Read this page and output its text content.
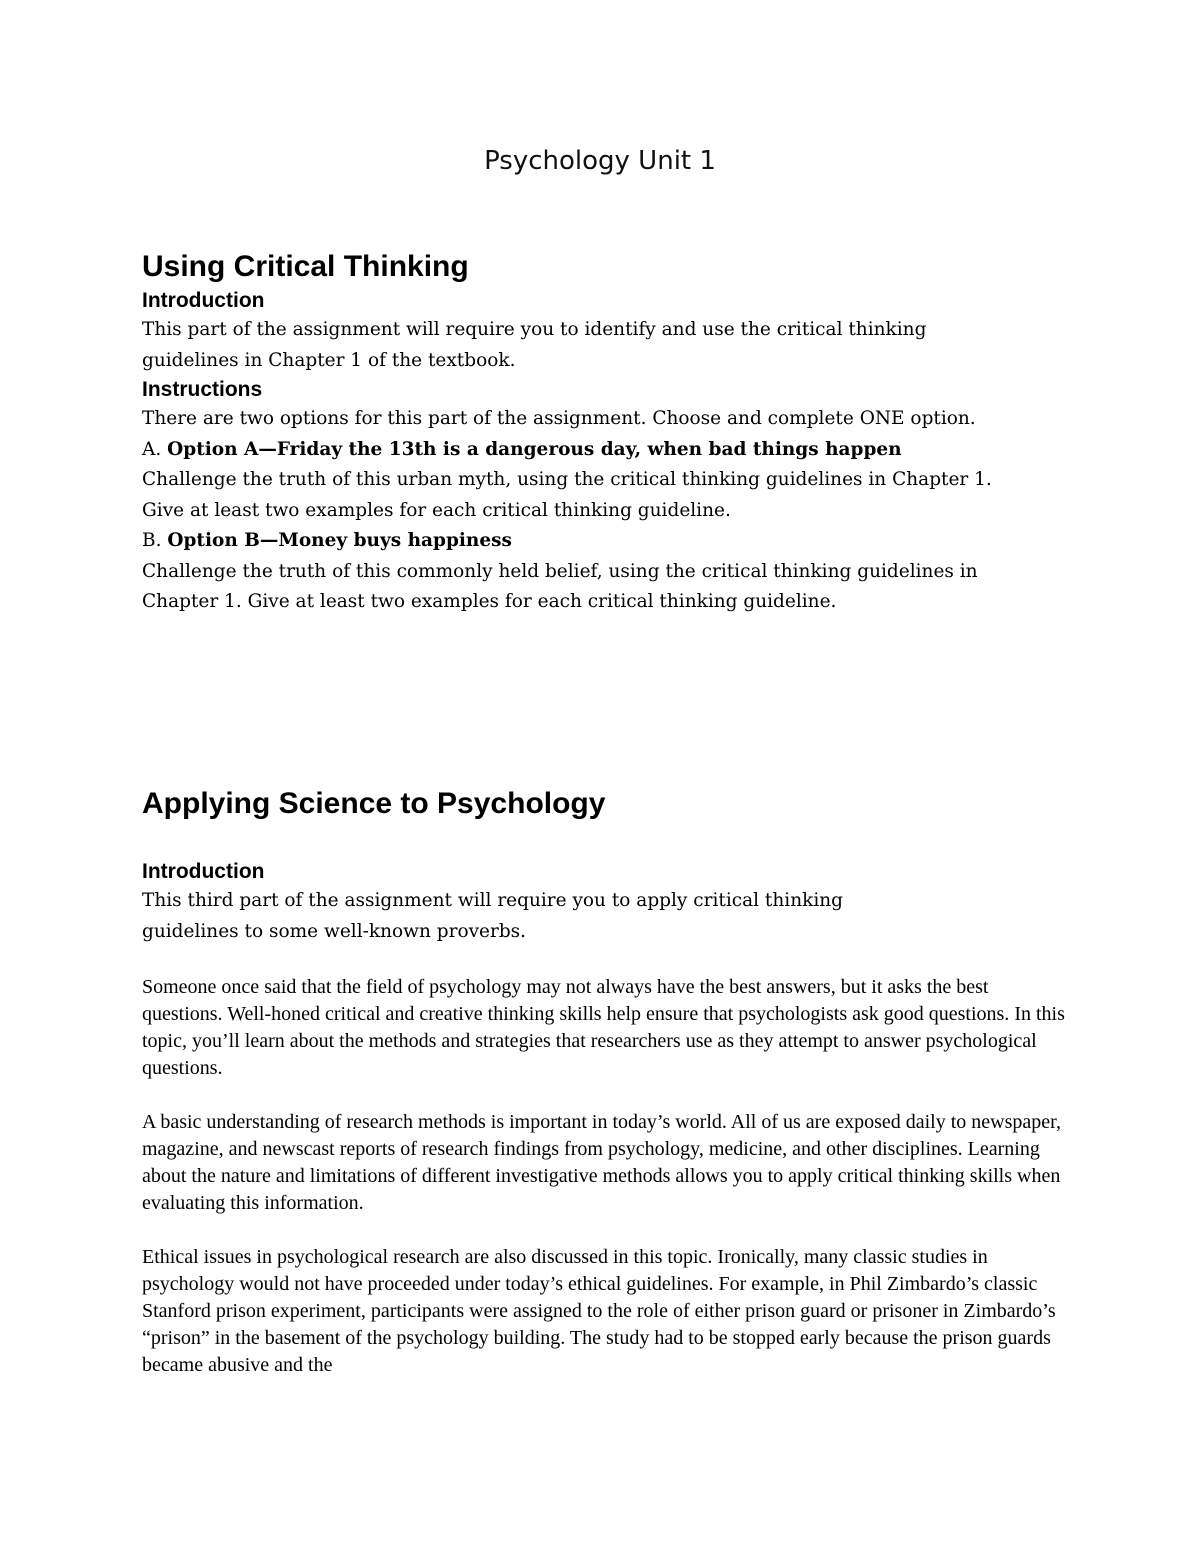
Psychology Unit 1
Using Critical Thinking
Introduction

This part of the assignment will require you to identify and use the critical thinking guidelines in Chapter 1 of the textbook.

Instructions

There are two options for this part of the assignment. Choose and complete ONE option.

A. Option A—Friday the 13th is a dangerous day, when bad things happen

Challenge the truth of this urban myth, using the critical thinking guidelines in Chapter 1. Give at least two examples for each critical thinking guideline.

B. Option B—Money buys happiness

Challenge the truth of this commonly held belief, using the critical thinking guidelines in Chapter 1. Give at least two examples for each critical thinking guideline.

Applying Science to Psychology
Introduction

This third part of the assignment will require you to apply critical thinking guidelines to some well-known proverbs.

Someone once said that the field of psychology may not always have the best answers, but it asks the best questions. Well-honed critical and creative thinking skills help ensure that psychologists ask good questions. In this topic, you’ll learn about the methods and strategies that researchers use as they attempt to answer psychological questions.

A basic understanding of research methods is important in today’s world. All of us are exposed daily to newspaper, magazine, and newscast reports of research findings from psychology, medicine, and other disciplines. Learning about the nature and limitations of different investigative methods allows you to apply critical thinking skills when evaluating this information.

Ethical issues in psychological research are also discussed in this topic. Ironically, many classic studies in psychology would not have proceeded under today’s ethical guidelines. For example, in Phil Zimbardo’s classic Stanford prison experiment, participants were assigned to the role of either prison guard or prisoner in Zimbardo’s “prison” in the basement of the psychology building. The study had to be stopped early because the prison guards became abusive and the
